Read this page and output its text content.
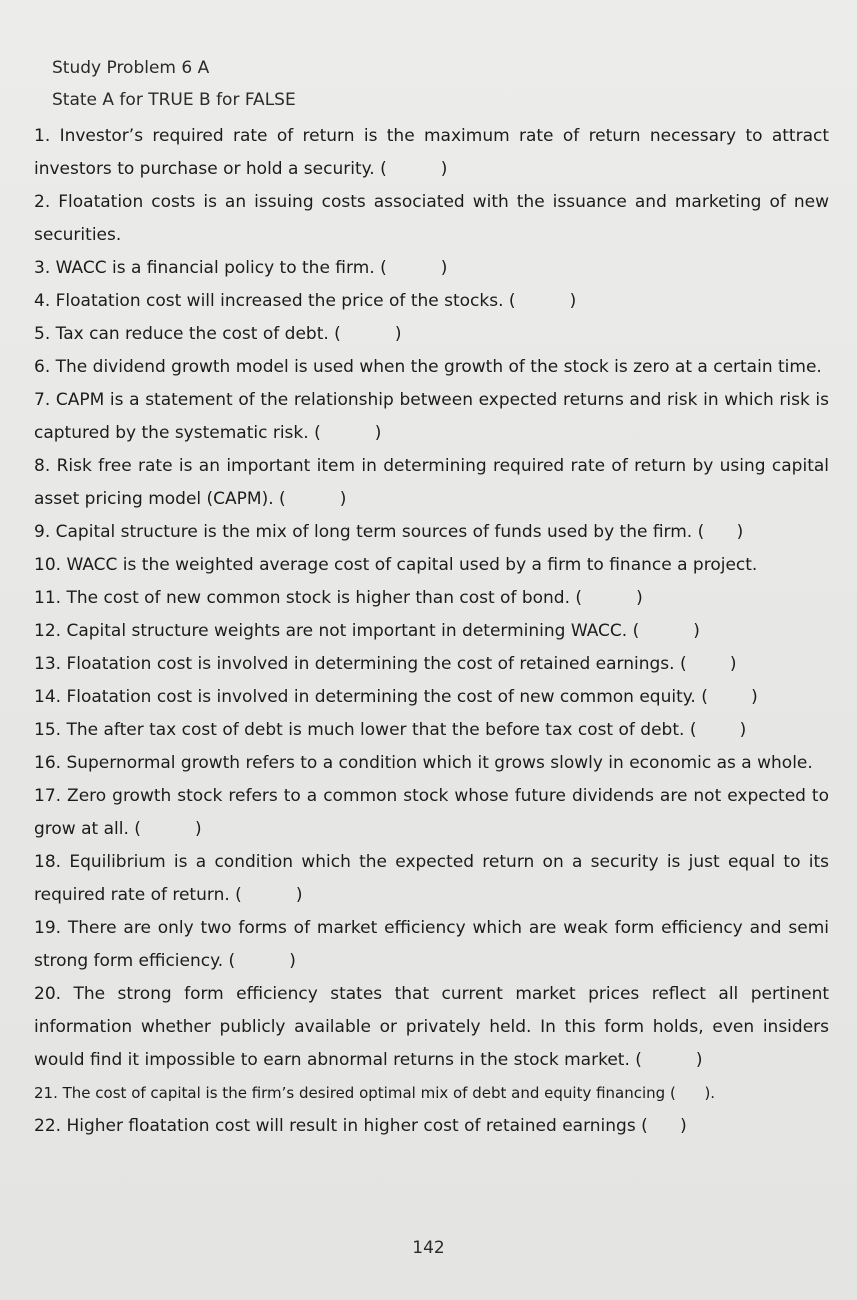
Study Problem 6 A
State A for TRUE B for FALSE
1. Investor’s required rate of return is the maximum rate of return necessary to attract investors to purchase or hold a security. (          )
2. Floatation costs is an issuing costs associated with the issuance and marketing of new securities.
3. WACC is a financial policy to the firm. (          )
4. Floatation cost will increased the price of the stocks. (          )
5. Tax can reduce the cost of debt. (          )
6. The dividend growth model is used when the growth of the stock is zero at a certain time.
7. CAPM is a statement of the relationship between expected returns and risk in which risk is captured by the systematic risk. (          )
8. Risk free rate is an important item in determining required rate of return by using capital asset pricing model (CAPM). (          )
9. Capital structure is the mix of long term sources of funds used by the firm. (      )
10. WACC is the weighted average cost of capital used by a firm to finance a project.
11. The cost of new common stock is higher than cost of bond. (          )
12. Capital structure weights are not important in determining WACC. (          )
13. Floatation cost is involved in determining the cost of retained earnings. (        )
14. Floatation cost is involved in determining the cost of new common equity. (        )
15. The after tax cost of debt is much lower that the before tax cost of debt. (        )
16. Supernormal growth refers to a condition which it grows slowly in economic as a whole.
17. Zero growth stock refers to a common stock whose future dividends are not expected to grow at all. (          )
18. Equilibrium is a condition which the expected return on a security is just equal to its required rate of return. (          )
19. There are only two forms of market efficiency which are weak form efficiency and semi strong form efficiency. (          )
20. The strong form efficiency states that current market prices reflect all pertinent information whether publicly available or privately held. In this form holds, even insiders would find it impossible to earn abnormal returns in the stock market. (          )
21. The cost of capital is the firm’s desired optimal mix of debt and equity financing (      ).
22. Higher floatation cost will result in higher cost of retained earnings (      )
142
